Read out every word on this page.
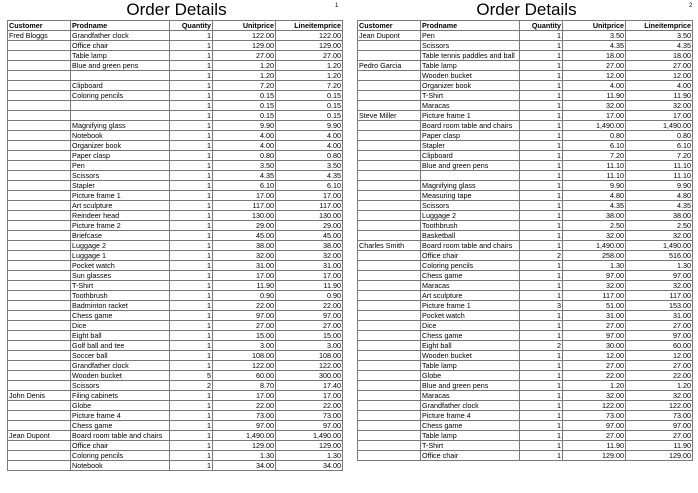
Order Details	1
Customer	Prodname	Quantity	Unitprice	Lineitemprice
Fred Bloggs	Grandfather clock	1	122.00	122.00
	Office chair	1	129.00	129.00
	Table lamp	1	27.00	27.00
	Blue and green pens	1	1.20	1.20
		1	1.20	1.20
	Clipboard	1	7.20	7.20
	Coloring pencils	1	0.15	0.15
		1	0.15	0.15
		1	0.15	0.15
	Magnifying glass	1	9.90	9.90
	Notebook	1	4.00	4.00
	Organizer book	1	4.00	4.00
	Paper clasp	1	0.80	0.80
	Pen	1	3.50	3.50
	Scissors	1	4.35	4.35
	Stapler	1	6.10	6.10
	Picture frame 1	1	17.00	17.00
	Art sculpture	1	117.00	117.00
	Reindeer head	1	130.00	130.00
	Picture frame 2	1	29.00	29.00
	Briefcase	1	45.00	45.00
	Luggage 2	1	38.00	38.00
	Luggage 1	1	32.00	32.00
	Pocket watch	1	31.00	31.00
	Sun glasses	1	17.00	17.00
	T-Shirt	1	11.90	11.90
	Toothbrush	1	0.90	0.90
	Badminton racket	1	22.00	22.00
	Chess game	1	97.00	97.00
	Dice	1	27.00	27.00
	Eight ball	1	15.00	15.00
	Golf ball and tee	1	3.00	3.00
	Soccer ball	1	108.00	108.00
	Grandfather clock	1	122.00	122.00
	Wooden bucket	5	60.00	300.00
	Scissors	2	8.70	17.40
John Denis	Filing cabinets	1	17.00	17.00
	Globe	1	22.00	22.00
	Picture frame 4	1	73.00	73.00
	Chess game	1	97.00	97.00
Jean Dupont	Board room table and chairs	1	1,490.00	1,490.00
	Office chair	1	129.00	129.00
	Coloring pencils	1	1.30	1.30
	Notebook	1	34.00	34.00
Order Details	2
Customer	Prodname	Quantity	Unitprice	Lineitemprice
Jean Dupont	Pen	1	3.50	3.50
	Scissors	1	4.35	4.35
	Table tennis paddles and ball	1	18.00	18.00
Pedro Garcia	Table lamp	1	27.00	27.00
	Wooden bucket	1	12.00	12.00
	Organizer book	1	4.00	4.00
	T-Shirt	1	11.90	11.90
	Maracas	1	32.00	32.00
Steve Miller	Picture frame 1	1	17.00	17.00
	Board room table and chairs	1	1,490.00	1,490.00
	Paper clasp	1	0.80	0.80
	Stapler	1	6.10	6.10
	Clipboard	1	7.20	7.20
	Blue and green pens	1	11.10	11.10
		1	11.10	11.10
	Magnifying glass	1	9.90	9.90
	Measuring tape	1	4.80	4.80
	Scissors	1	4.35	4.35
	Luggage 2	1	38.00	38.00
	Toothbrush	1	2.50	2.50
	Basketball	1	32.00	32.00
Charles Smith	Board room table and chairs	1	1,490.00	1,490.00
	Office chair	2	258.00	516.00
	Coloring pencils	1	1.30	1.30
	Chess game	1	97.00	97.00
	Maracas	1	32.00	32.00
	Art sculpture	1	117.00	117.00
	Picture frame 1	3	51.00	153.00
	Pocket watch	1	31.00	31.00
	Dice	1	27.00	27.00
	Chess game	1	97.00	97.00
	Eight ball	2	30.00	60.00
	Wooden bucket	1	12.00	12.00
	Table lamp	1	27.00	27.00
	Globe	1	22.00	22.00
	Blue and green pens	1	1.20	1.20
	Maracas	1	32.00	32.00
	Grandfather clock	1	122.00	122.00
	Picture frame 4	1	73.00	73.00
	Chess game	1	97.00	97.00
	Table lamp	1	27.00	27.00
	T-Shirt	1	11.90	11.90
	Office chair	1	129.00	129.00
